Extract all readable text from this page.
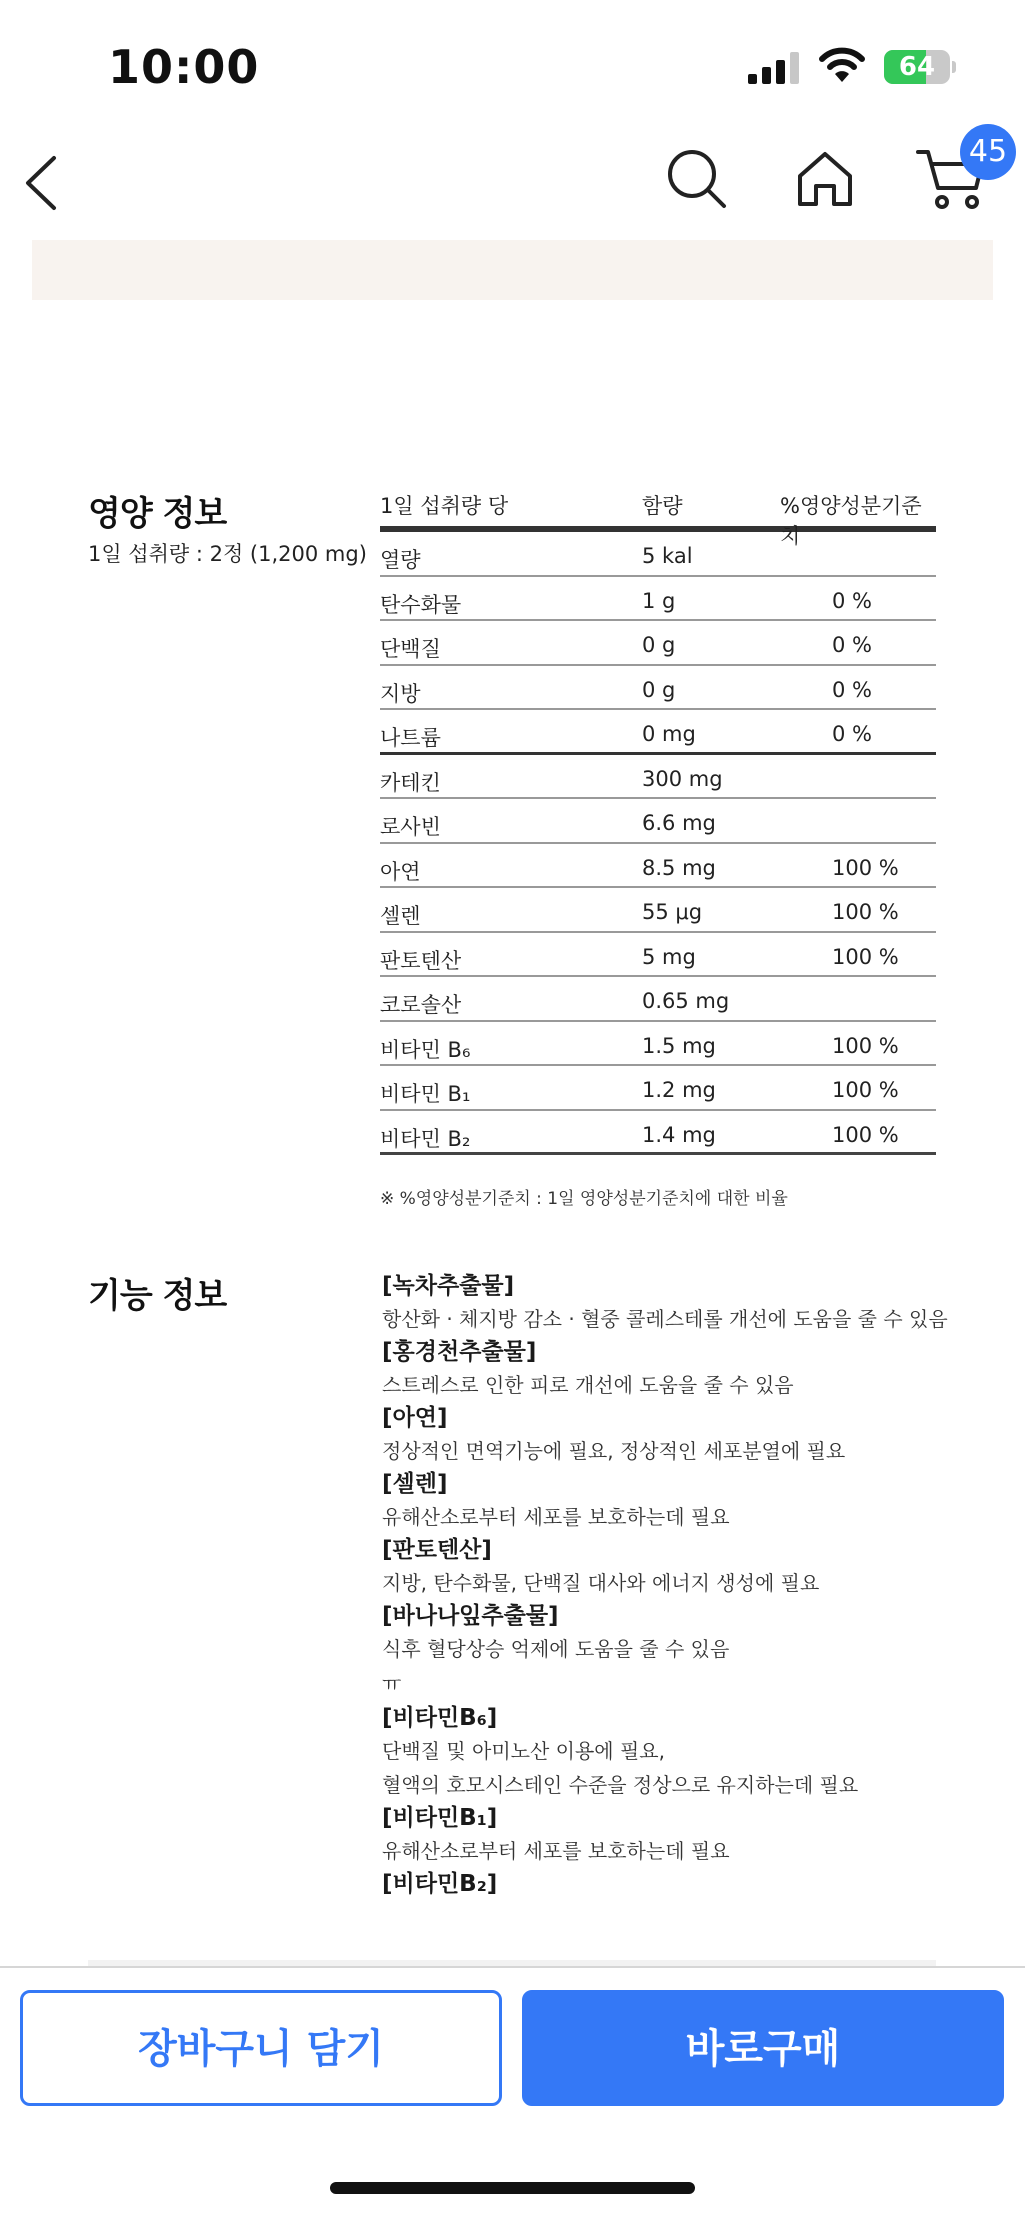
10:00	64
45
영양 정보
1일 섭취량 : 2정 (1,200 mg)
1일 섭취량 당	함량	%영양성분기준치
열량	5 kal
탄수화물	1 g	0 %
단백질	0 g	0 %
지방	0 g	0 %
나트륨	0 mg	0 %
카테킨	300 mg
로사빈	6.6 mg
아연	8.5 mg	100 %
셀렌	55 μg	100 %
판토텐산	5 mg	100 %
코로솔산	0.65 mg
비타민 B₆	1.5 mg	100 %
비타민 B₁	1.2 mg	100 %
비타민 B₂	1.4 mg	100 %
※ %영양성분기준치 : 1일 영양성분기준치에 대한 비율
기능 정보	[녹차추출물]
항산화 · 체지방 감소 · 혈중 콜레스테롤 개선에 도움을 줄 수 있음
[홍경천추출물]
스트레스로 인한 피로 개선에 도움을 줄 수 있음
[아연]
정상적인 면역기능에 필요, 정상적인 세포분열에 필요
[셀렌]
유해산소로부터 세포를 보호하는데 필요
[판토텐산]
지방, 탄수화물, 단백질 대사와 에너지 생성에 필요
[바나나잎추출물]
식후 혈당상승 억제에 도움을 줄 수 있음
ㅠ
[비타민B₆]
단백질 및 아미노산 이용에 필요,
혈액의 호모시스테인 수준을 정상으로 유지하는데 필요
[비타민B₁]
유해산소로부터 세포를 보호하는데 필요
[비타민B₂]
장바구니 담기	바로구매
